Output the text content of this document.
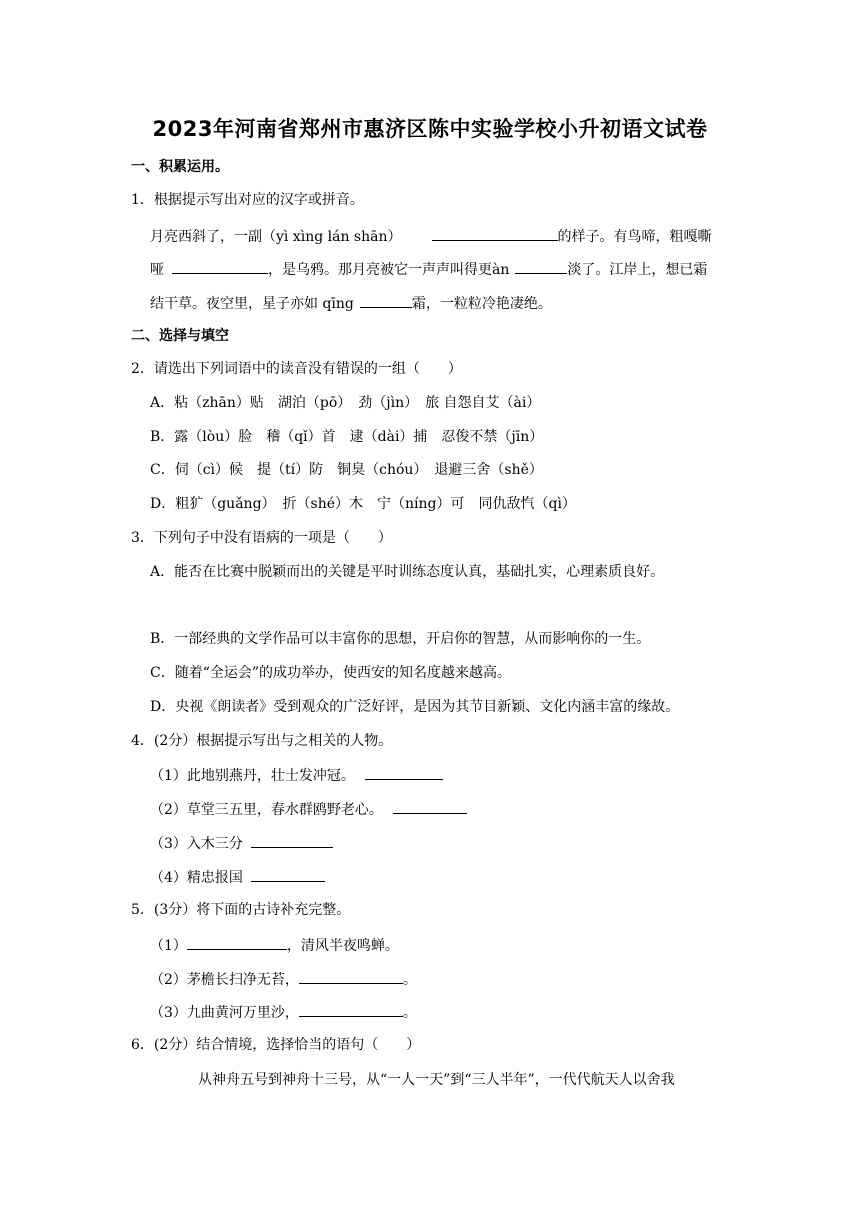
2023年河南省郑州市惠济区陈中实验学校小升初语文试卷
一、积累运用。
1．根据提示写出对应的汉字或拼音。
月亮西斜了，一副（yì xìng lán shān）	的样子。有鸟啼，粗嘎嘶
哑	，是乌鸦。那月亮被它一声声叫得更àn	淡了。江岸上，想已霜
结干草。夜空里，星子亦如 qīng	霜，一粒粒冷艳凄绝。
二、选择与填空
2．请选出下列词语中的读音没有错误的一组（　　）
A．粘（zhān）贴　湖泊（pō）　劲（jìn）　旅 自怨自艾（ài）
B．露（lòu）脸　稽（qǐ）首　逮（dài）捕　忍俊不禁（jīn）
C．伺（cì）候　提（tí）防　铜臭（chóu）　退避三舍（shě）
D．粗犷（guǎng）　折（shé）木　宁（níng）可　同仇敌忾（qì）
3．下列句子中没有语病的一项是（　　）
A．能否在比赛中脱颖而出的关键是平时训练态度认真，基础扎实，心理素质良好。
B．一部经典的文学作品可以丰富你的思想，开启你的智慧，从而影响你的一生。
C．随着“全运会”的成功举办，使西安的知名度越来越高。
D．央视《朗读者》受到观众的广泛好评，是因为其节目新颖、文化内涵丰富的缘故。
4．(2分）根据提示写出与之相关的人物。
（1）此地别燕丹，壮士发冲冠。
（2）草堂三五里，春水群鸥野老心。
（3）入木三分
（4）精忠报国
5．(3分）将下面的古诗补充完整。
（1）	，清风半夜鸣蝉。
（2）茅檐长扫净无苔，	。
（3）九曲黄河万里沙，	。
6．(2分）结合情境，选择恰当的语句（　　）
从神舟五号到神舟十三号，从“一人一天”到“三人半年”，一代代航天人以舍我
